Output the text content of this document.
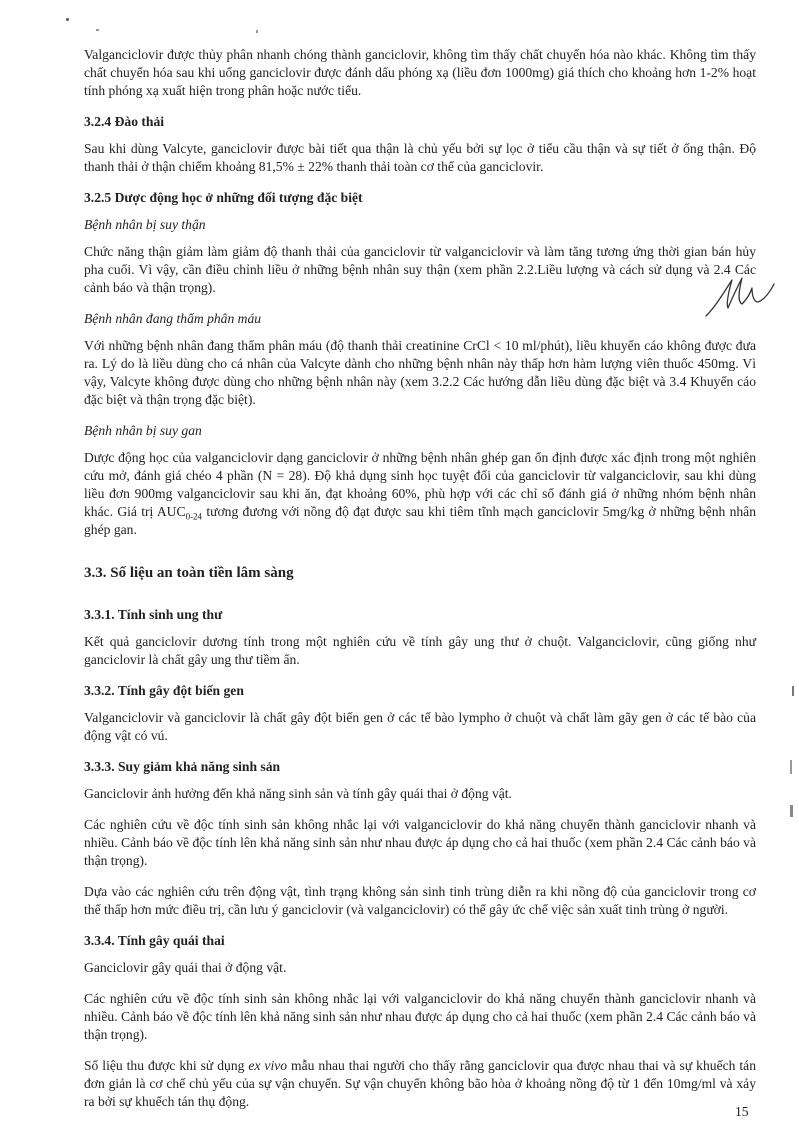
Valganciclovir được thủy phân nhanh chóng thành ganciclovir, không tìm thấy chất chuyển hóa nào khác. Không tìm thấy chất chuyển hóa sau khi uống ganciclovir được đánh dấu phóng xạ (liều đơn 1000mg) giá thích cho khoảng hơn 1-2% hoạt tính phóng xạ xuất hiện trong phân hoặc nước tiểu.

3.2.4 Đào thải

Sau khi dùng Valcyte, ganciclovir được bài tiết qua thận là chủ yếu bởi sự lọc ở tiểu cầu thận và sự tiết ở ống thận. Độ thanh thải ở thận chiếm khoảng 81,5% ± 22% thanh thải toàn cơ thể của ganciclovir.

3.2.5 Dược động học ở những đối tượng đặc biệt
Bệnh nhân bị suy thận

Chức năng thận giảm làm giảm độ thanh thải của ganciclovir từ valganciclovir và làm tăng tương ứng thời gian bán hủy pha cuối. Vì vậy, cần điều chỉnh liều ở những bệnh nhân suy thận (xem phần 2.2.Liều lượng và cách sử dụng và 2.4 Các cảnh báo và thận trọng).

Bệnh nhân đang thẩm phân máu

Với những bệnh nhân đang thẩm phân máu (độ thanh thải creatinine CrCl < 10 ml/phút), liều khuyến cáo không được đưa ra. Lý do là liều dùng cho cá nhân của Valcyte dành cho những bệnh nhân này thấp hơn hàm lượng viên thuốc 450mg. Vì vậy, Valcyte không được dùng cho những bệnh nhân này (xem 3.2.2 Các hướng dẫn liều dùng đặc biệt và 3.4 Khuyến cáo đặc biệt và thận trọng đặc biệt).

Bệnh nhân bị suy gan

Dược động học của valganciclovir dạng ganciclovir ở những bệnh nhân ghép gan ổn định được xác định trong một nghiên cứu mở, đánh giá chéo 4 phần (N = 28). Độ khả dụng sinh học tuyệt đối của ganciclovir từ valganciclovir, sau khi dùng liều đơn 900mg valganciclovir sau khi ăn, đạt khoảng 60%, phù hợp với các chỉ số đánh giá ở những nhóm bệnh nhân khác. Giá trị $AUC_{0-24}$ tương đương với nồng độ đạt được sau khi tiêm tĩnh mạch ganciclovir 5mg/kg ở những bệnh nhân ghép gan.

3.3. Số liệu an toàn tiền lâm sàng
3.3.1. Tính sinh ung thư

Kết quả ganciclovir dương tính trong một nghiên cứu về tính gây ung thư ở chuột. Valganciclovir, cũng giống như ganciclovir là chất gây ung thư tiềm ẩn.

3.3.2. Tính gây đột biến gen

Valganciclovir và ganciclovir là chất gây đột biến gen ở các tế bào lympho ở chuột và chất làm gãy gen ở các tế bào của động vật có vú.

3.3.3. Suy giảm khả năng sinh sản

Ganciclovir ảnh hưởng đến khả năng sinh sản và tính gây quái thai ở động vật.

Các nghiên cứu về độc tính sinh sản không nhắc lại với valganciclovir do khả năng chuyển thành ganciclovir nhanh và nhiều. Cảnh báo về độc tính lên khả năng sinh sản như nhau được áp dụng cho cả hai thuốc (xem phần 2.4 Các cảnh báo và thận trọng).

Dựa vào các nghiên cứu trên động vật, tình trạng không sản sinh tinh trùng diễn ra khi nồng độ của ganciclovir trong cơ thể thấp hơn mức điều trị, cần lưu ý ganciclovir (và valganciclovir) có thể gây ức chế việc sản xuất tinh trùng ở người.

3.3.4. Tính gây quái thai

Ganciclovir gây quái thai ở động vật.

Các nghiên cứu về độc tính sinh sản không nhắc lại với valganciclovir do khả năng chuyển thành ganciclovir nhanh và nhiều. Cảnh báo về độc tính lên khả năng sinh sản như nhau được áp dụng cho cả hai thuốc (xem phần 2.4 Các cảnh báo và thận trọng).

Số liệu thu được khi sử dụng ex vivo mẫu nhau thai người cho thấy rằng ganciclovir qua được nhau thai và sự khuếch tán đơn giản là cơ chế chủ yếu của sự vận chuyển. Sự vận chuyển không bão hòa ở khoảng nồng độ từ 1 đến 10mg/ml và xảy ra bởi sự khuếch tán thụ động.

15
